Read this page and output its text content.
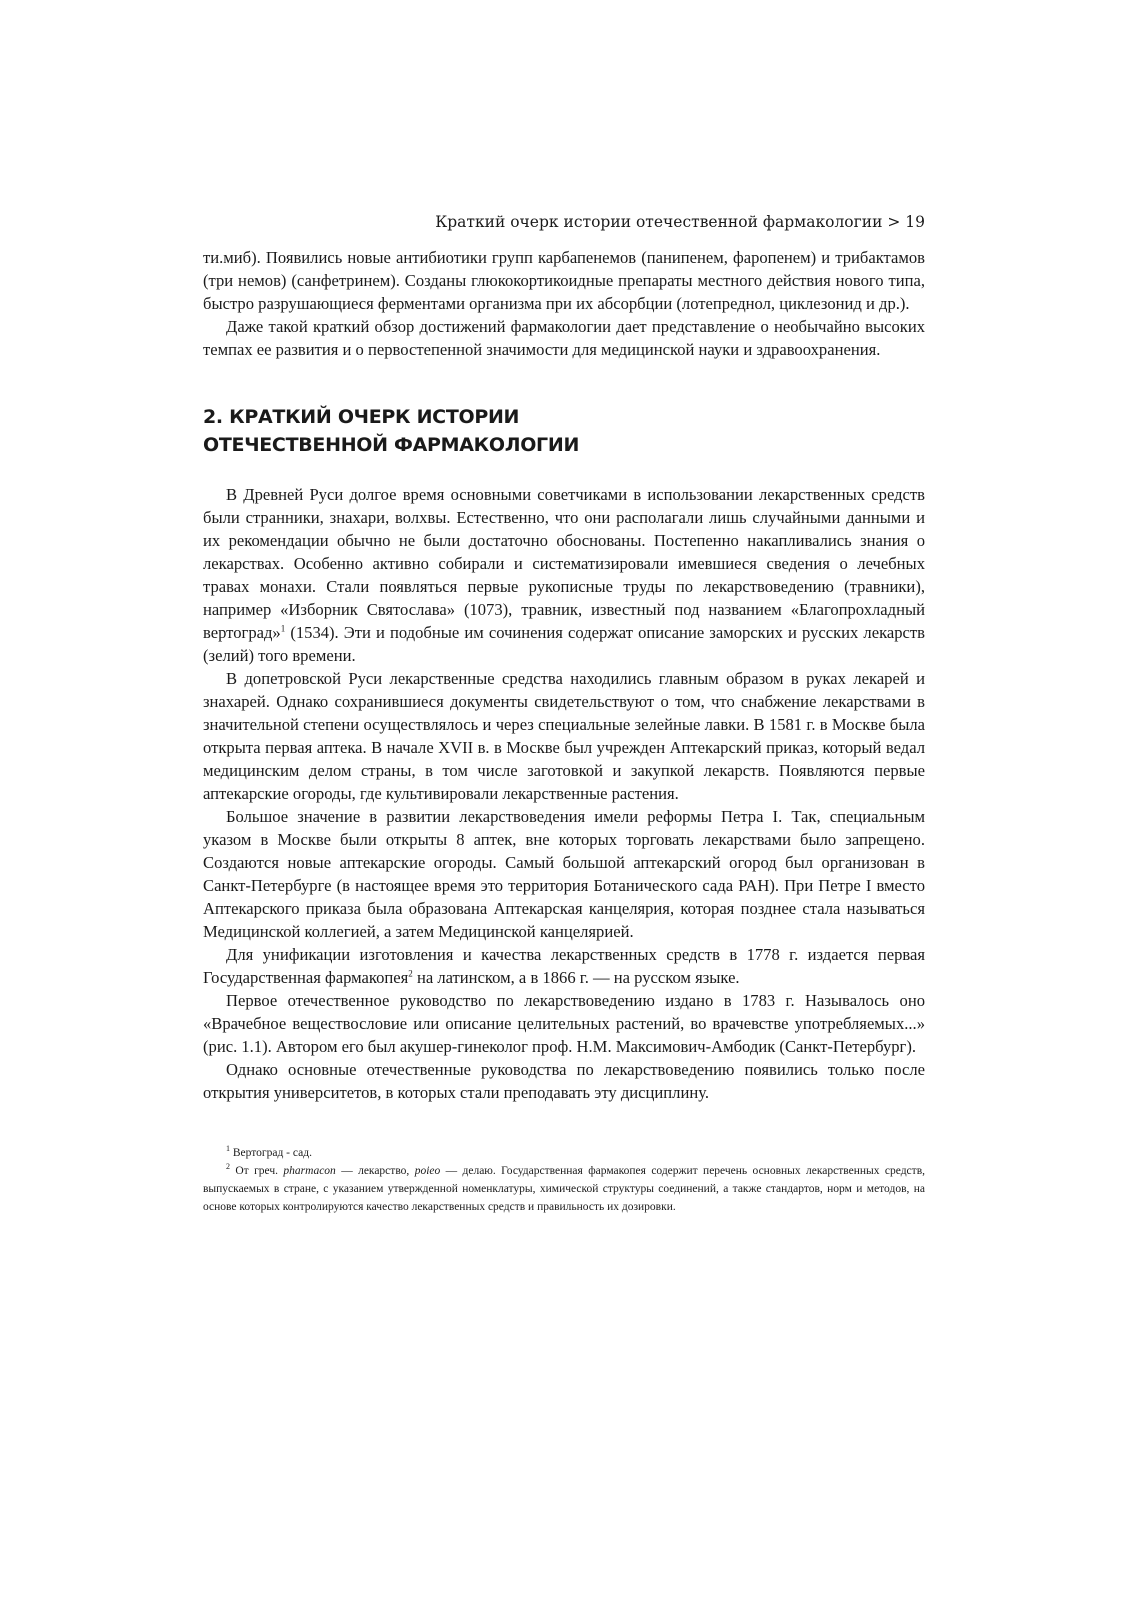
Краткий очерк истории отечественной фармакологии > 19

ти.миб). Появились новые антибиотики групп карбапенемов (панипенем, фаропенем) и трибактамов (три немов) (санфетринем). Созданы глюкокортикоидные препараты местного действия нового типа, быстро разрушающиеся ферментами организма при их абсорбции (лотепреднол, циклезонид и др.).

Даже такой краткий обзор достижений фармакологии дает представление о необычайно высоких темпах ее развития и о первостепенной значимости для медицинской науки и здравоохранения.

2. КРАТКИЙ ОЧЕРК ИСТОРИИ
ОТЕЧЕСТВЕННОЙ ФАРМАКОЛОГИИ

В Древней Руси долгое время основными советчиками в использовании лекарственных средств были странники, знахари, волхвы. Естественно, что они располагали лишь случайными данными и их рекомендации обычно не были достаточно обоснованы. Постепенно накапливались знания о лекарствах. Особенно активно собирали и систематизировали имевшиеся сведения о лечебных травах монахи. Стали появляться первые рукописные труды по лекарствоведению (травники), например «Изборник Святослава» (1073), травник, известный под названием «Благопрохладный вертоград»$^1$ (1534). Эти и подобные им сочинения содержат описание заморских и русских лекарств (зелий) того времени.

В допетровской Руси лекарственные средства находились главным образом в руках лекарей и знахарей. Однако сохранившиеся документы свидетельствуют о том, что снабжение лекарствами в значительной степени осуществлялось и через специальные зелейные лавки. В 1581 г. в Москве была открыта первая аптека. В начале XVII в. в Москве был учрежден Аптекарский приказ, который ведал медицинским делом страны, в том числе заготовкой и закупкой лекарств. Появляются первые аптекарские огороды, где культивировали лекарственные растения.

Большое значение в развитии лекарствоведения имели реформы Петра I. Так, специальным указом в Москве были открыты 8 аптек, вне которых торговать лекарствами было запрещено. Создаются новые аптекарские огороды. Самый большой аптекарский огород был организован в Санкт-Петербурге (в настоящее время это территория Ботанического сада РАН). При Петре I вместо Аптекарского приказа была образована Аптекарская канцелярия, которая позднее стала называться Медицинской коллегией, а затем Медицинской канцелярией.

Для унификации изготовления и качества лекарственных средств в 1778 г. издается первая Государственная фармакопея$^2$ на латинском, а в 1866 г. — на русском языке.

Первое отечественное руководство по лекарствоведению издано в 1783 г. Называлось оно «Врачебное веществословие или описание целительных растений, во врачевстве употребляемых...» (рис. 1.1). Автором его был акушер-гинеколог проф. Н.М. Максимович-Амбодик (Санкт-Петербург).

Однако основные отечественные руководства по лекарствоведению появились только после открытия университетов, в которых стали преподавать эту дисциплину.

$^1$ Вертоград - сад.

$^2$ От греч. pharmacon — лекарство, poieo — делаю. Государственная фармакопея содержит перечень основных лекарственных средств, выпускаемых в стране, с указанием утвержденной номенклатуры, химической структуры соединений, а также стандартов, норм и методов, на основе которых контролируются качество лекарственных средств и правильность их дозировки.
